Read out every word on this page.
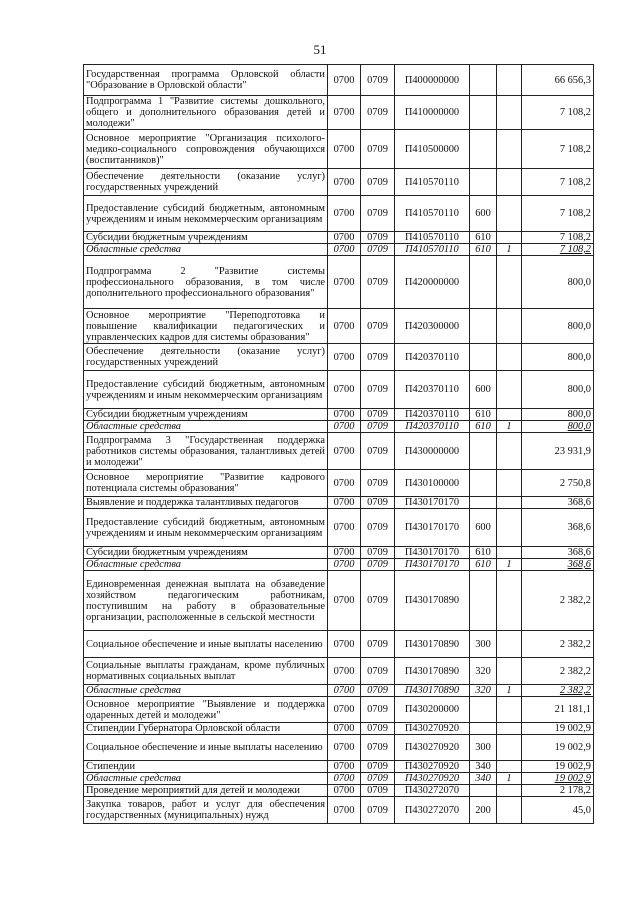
51
Государственная программа Орловской области "Образование в Орловской области"	0700	0709	П400000000			66 656,3
Подпрограмма 1 "Развитие системы дошкольного, общего и дополнительного образования детей и молодежи"	0700	0709	П410000000			7 108,2
Основное мероприятие "Организация психолого-медико-социального сопровождения обучающихся (воспитанников)"	0700	0709	П410500000			7 108,2
Обеспечение деятельности (оказание услуг) государственных учреждений	0700	0709	П410570110			7 108,2
Предоставление субсидий бюджетным, автономным учреждениям и иным некоммерческим организациям	0700	0709	П410570110	600		7 108,2
Субсидии бюджетным учреждениям	0700	0709	П410570110	610		7 108,2
Областные средства	0700	0709	П410570110	610	1	7 108,2
Подпрограмма 2 "Развитие системы профессионального образования, в том числе дополнительного профессионального образования"	0700	0709	П420000000			800,0
Основное мероприятие "Переподготовка и повышение квалификации педагогических и управленческих кадров для системы образования"	0700	0709	П420300000			800,0
Обеспечение деятельности (оказание услуг) государственных учреждений	0700	0709	П420370110			800,0
Предоставление субсидий бюджетным, автономным учреждениям и иным некоммерческим организациям	0700	0709	П420370110	600		800,0
Субсидии бюджетным учреждениям	0700	0709	П420370110	610		800,0
Областные средства	0700	0709	П420370110	610	1	800,0
Подпрограмма 3 "Государственная поддержка работников системы образования, талантливых детей и молодежи"	0700	0709	П430000000			23 931,9
Основное мероприятие "Развитие кадрового потенциала системы образования"	0700	0709	П430100000			2 750,8
Выявление и поддержка талантливых педагогов	0700	0709	П430170170			368,6
Предоставление субсидий бюджетным, автономным учреждениям и иным некоммерческим организациям	0700	0709	П430170170	600		368,6
Субсидии бюджетным учреждениям	0700	0709	П430170170	610		368,6
Областные средства	0700	0709	П430170170	610	1	368,6
Единовременная денежная выплата на обзаведение хозяйством педагогическим работникам, поступившим на работу в образовательные организации, расположенные в сельской местности	0700	0709	П430170890			2 382,2
Социальное обеспечение и иные выплаты населению	0700	0709	П430170890	300		2 382,2
Социальные выплаты гражданам, кроме публичных нормативных социальных выплат	0700	0709	П430170890	320		2 382,2
Областные средства	0700	0709	П430170890	320	1	2 382,2
Основное мероприятие "Выявление и поддержка одаренных детей и молодежи"	0700	0709	П430200000			21 181,1
Стипендии Губернатора Орловской области	0700	0709	П430270920			19 002,9
Социальное обеспечение и иные выплаты населению	0700	0709	П430270920	300		19 002,9
Стипендии	0700	0709	П430270920	340		19 002,9
Областные средства	0700	0709	П430270920	340	1	19 002,9
Проведение мероприятий для детей и молодежи	0700	0709	П430272070			2 178,2
Закупка товаров, работ и услуг для обеспечения государственных (муниципальных) нужд	0700	0709	П430272070	200		45,0
